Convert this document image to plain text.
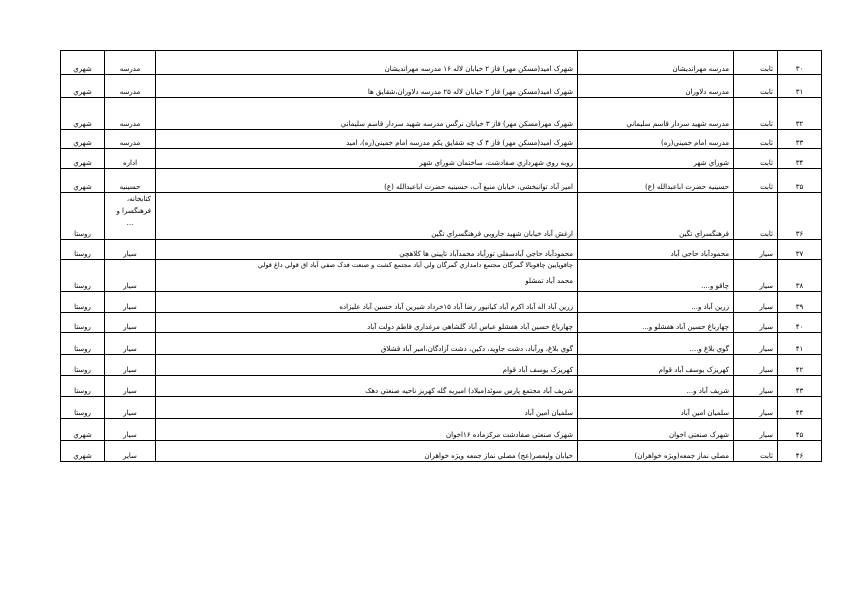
۳۰	ثابت	مدرسه مهرانديشان	شهرک اميد(مسکن مهر) فاز ۲ خيابان لاله ۱۶ مدرسه مهرانديشان	مدرسه	شهري
۳۱	ثابت	مدرسه دلاوران	شهرک اميد(مسکن مهر) فاز ۲ خيابان لاله ۲۵ مدرسه دلاوران،شقايق ها	مدرسه	شهري
۳۲	ثابت	مدرسه شهيد سردار قاسم سليماني	شهرک مهر(مسکن مهر) فاز ۳ خيابان نرگس مدرسه شهيد سردار قاسم سليماني	مدرسه	شهري
۳۳	ثابت	مدرسه امام خميني(ره)	شهرک اميد(مسکن مهر) فاز ۴ ک چه شقايق يکم مدرسه امام خميني(ره)، اميد	مدرسه	شهري
۳۴	ثابت	شوراي شهر	روبه روي شهرداري صفادشت، ساختمان شوراي شهر	اداره	شهري
۳۵	ثابت	حسينيه حضرت اباعبدالله (ع)	امير آباد توانبخشي، خيابان منبع آب، حسينيه حضرت اباعبدالله (ع)	حسينيه	شهري
۳۶	ثابت	فرهنگسراي تگين	ارغش آباد خيابان شهيد جاروبي فرهنگسراي تگين	کتابخانه،
فرهنگسرا و
...	روستا
۳۷	سيار	محمودآباد حاجي آباد	محمودآباد حاجي آبادسفلي تورآباد محمدآباد تاپيني ها کلاهچي	سيار	روستا
۳۸	سيار	چاقو و....	چاقوپايين چاقوبالا گمرگان مجتمع دامداري گمرگان ولي آباد مجتمع کشت و صنعت فدک صفي آباد اق قولي داغ قولي
محمد آباد تمشلو	سيار	روستا
۳۹	سيار	زرين آباد و...	زرين آباد اله آباد اکرم آباد کيانپور رضا آباد ۱۵خرداد شيرين آباد حسين آباد عليزاده	سيار	روستا
۴۰	سيار	چهارباغ حسين آباد هفشلو و...	چهارباغ حسين آباد هفشلو عباس آباد گلشاهي مرغداري قاطم دولت آباد	سيار	روستا
۴۱	سيار	گوي بلاغ و....	گوي بلاغ، ورآباد، دشت جاويد، دکين، دشت آزادگان،امير آباد قشلاق	سيار	روستا
۴۲	سيار	کهريزک يوسف آباد قوام	کهريزک يوسف آباد قوام	سيار	روستا
۴۳	سيار	شريف آباد و...	شريف آباد مجتمع پارس سوئد(ميلاد) اميريه گله کهريز ناحيه صنعتي دهک	سيار	روستا
۴۴	سيار	سلميان امين آباد	سلميان امين آباد	سيار	روستا
۴۵	سيار	شهرک صنعتي اخوان	شهرک صنعتي صفادشت مرکزماده ۱۶اخوان	سيار	شهري
۴۶	ثابت	مصلي نماز جمعه(ويژه خواهران)	خيابان وليعصر(عج) مصلي نماز جمعه ويژه خواهران	ساير	شهري
